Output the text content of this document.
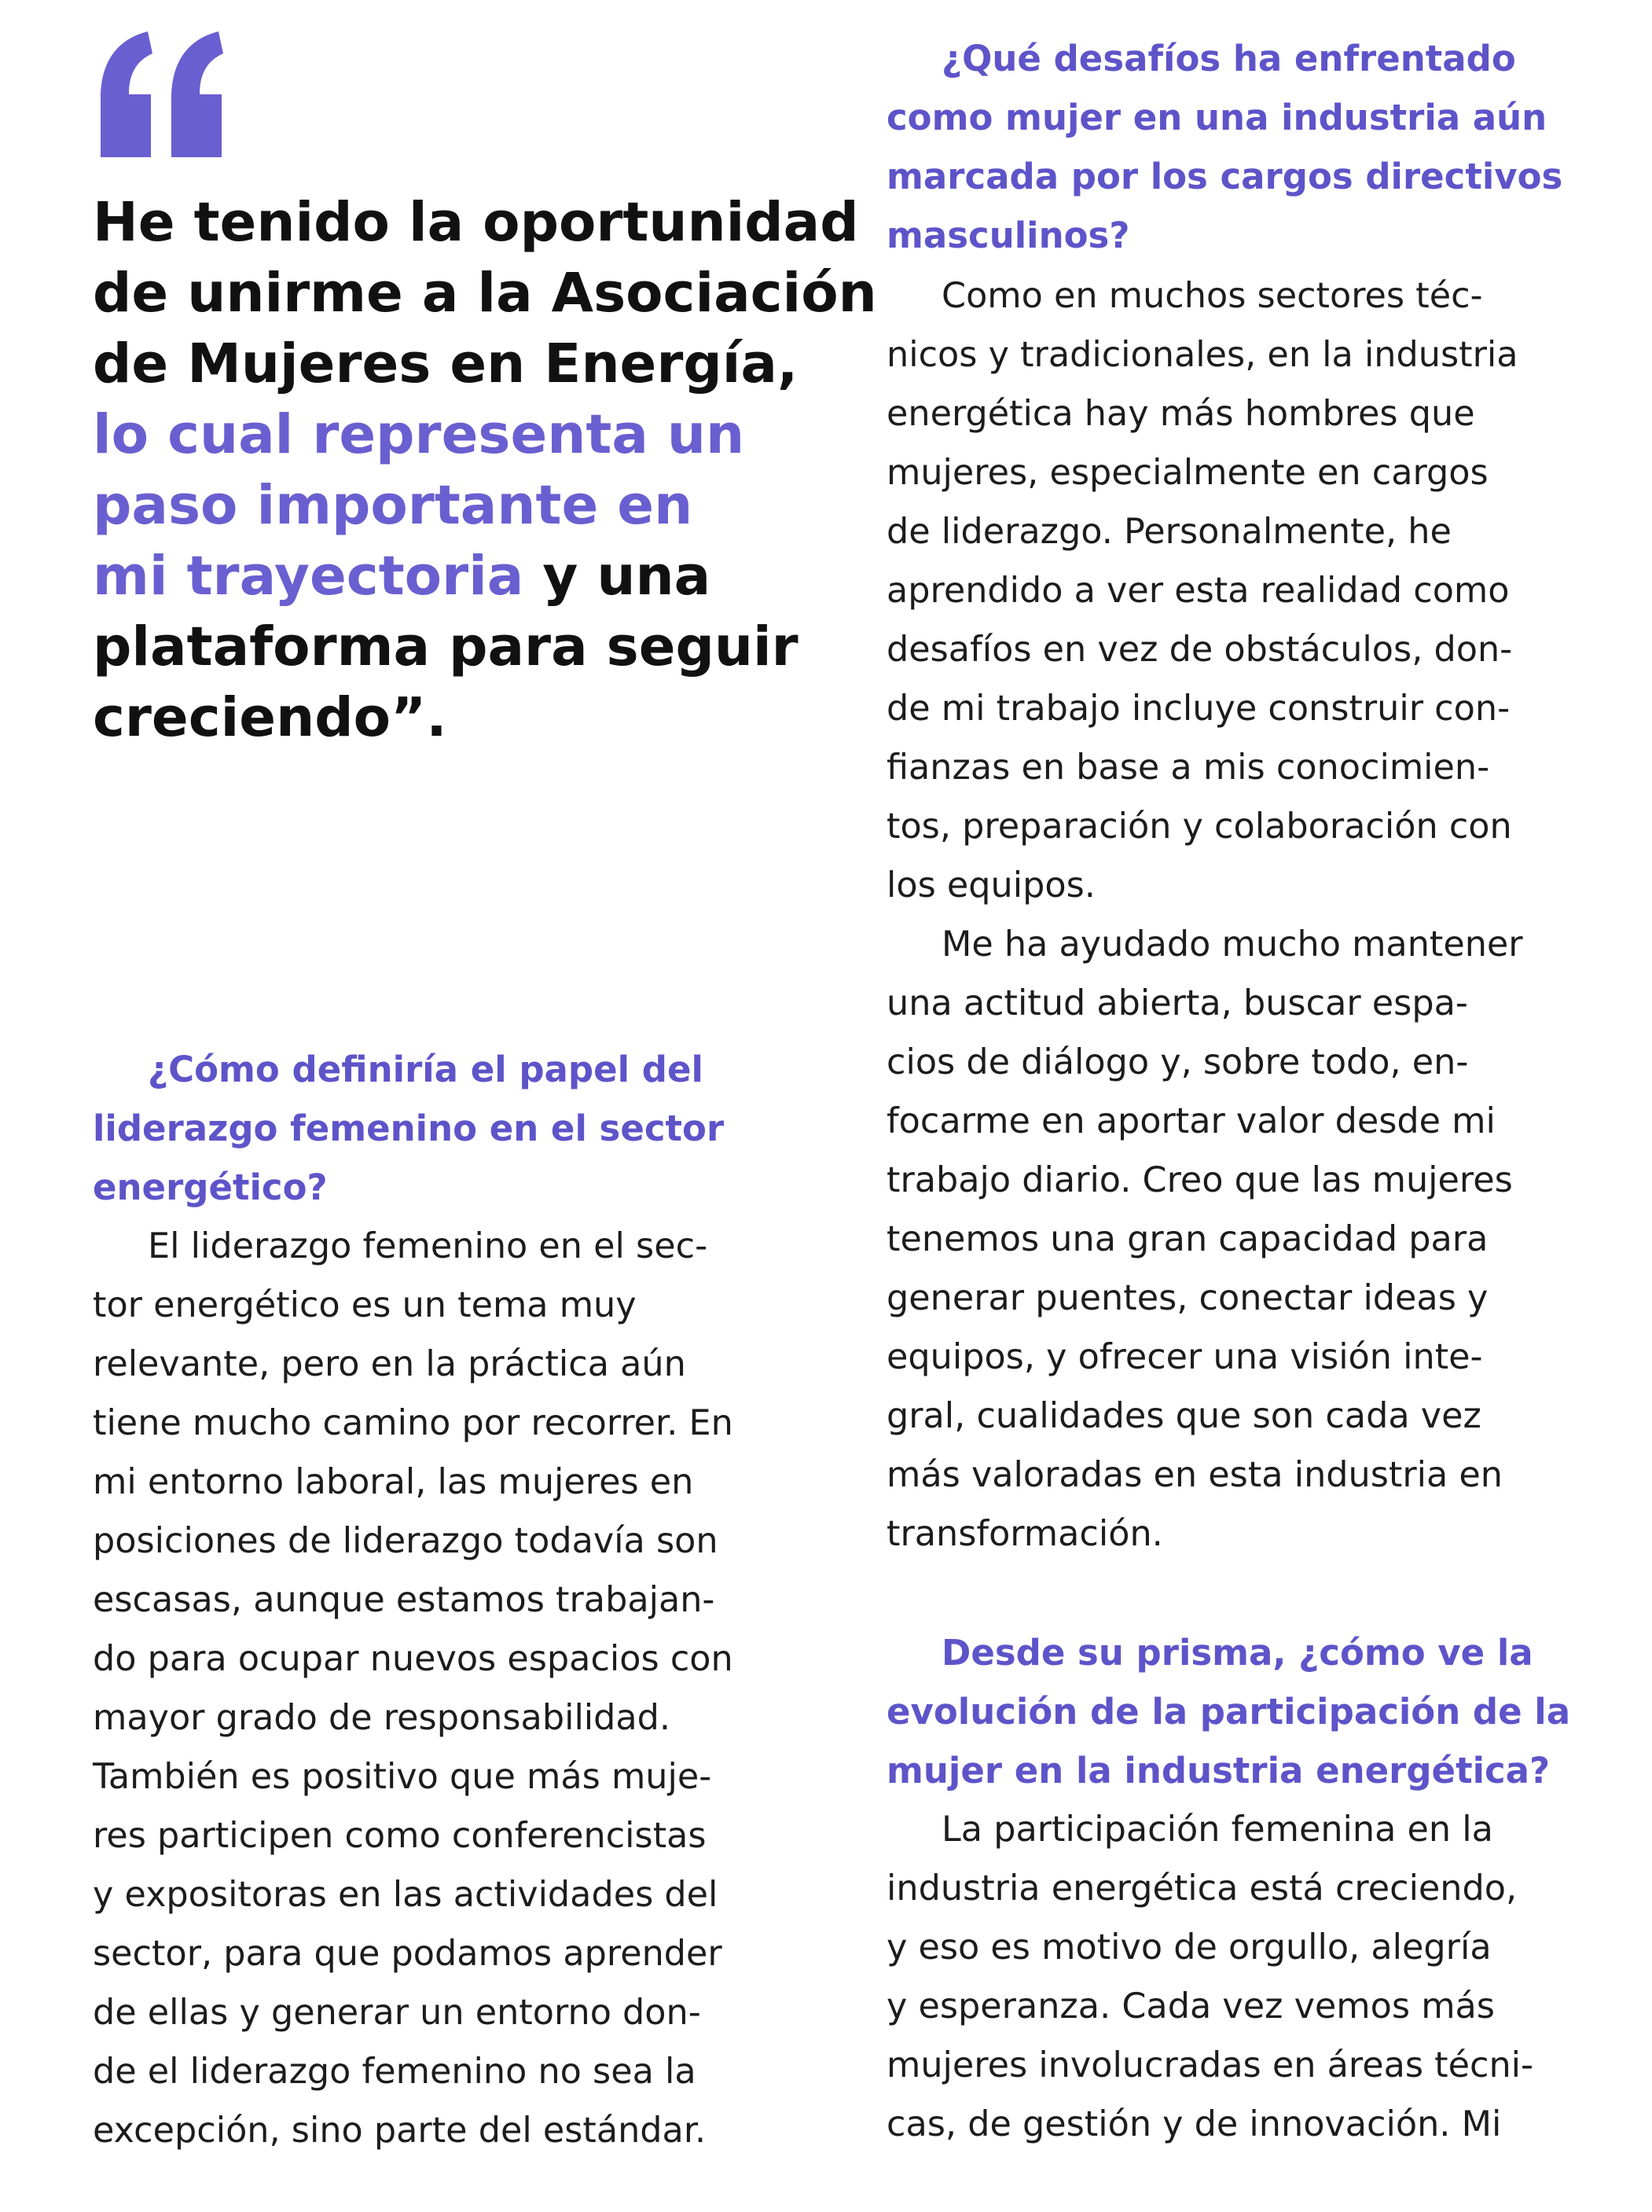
He tenido la oportunidad
de unirme a la Asociación
de Mujeres en Energía,
lo cual representa un
paso importante en
mi trayectoria y una
plataforma para seguir
creciendo”.
¿Cómo definiría el papel del
liderazgo femenino en el sector
energético?
El liderazgo femenino en el sec-
tor energético es un tema muy
relevante, pero en la práctica aún
tiene mucho camino por recorrer. En
mi entorno laboral, las mujeres en
posiciones de liderazgo todavía son
escasas, aunque estamos trabajan-
do para ocupar nuevos espacios con
mayor grado de responsabilidad.
También es positivo que más muje-
res participen como conferencistas
y expositoras en las actividades del
sector, para que podamos aprender
de ellas y generar un entorno don-
de el liderazgo femenino no sea la
excepción, sino parte del estándar.
¿Qué desafíos ha enfrentado
como mujer en una industria aún
marcada por los cargos directivos
masculinos?
Como en muchos sectores téc-
nicos y tradicionales, en la industria
energética hay más hombres que
mujeres, especialmente en cargos
de liderazgo. Personalmente, he
aprendido a ver esta realidad como
desafíos en vez de obstáculos, don-
de mi trabajo incluye construir con-
fianzas en base a mis conocimien-
tos, preparación y colaboración con
los equipos.
Me ha ayudado mucho mantener
una actitud abierta, buscar espa-
cios de diálogo y, sobre todo, en-
focarme en aportar valor desde mi
trabajo diario. Creo que las mujeres
tenemos una gran capacidad para
generar puentes, conectar ideas y
equipos, y ofrecer una visión inte-
gral, cualidades que son cada vez
más valoradas en esta industria en
transformación.
Desde su prisma, ¿cómo ve la
evolución de la participación de la
mujer en la industria energética?
La participación femenina en la
industria energética está creciendo,
y eso es motivo de orgullo, alegría
y esperanza. Cada vez vemos más
mujeres involucradas en áreas técni-
cas, de gestión y de innovación. Mi
